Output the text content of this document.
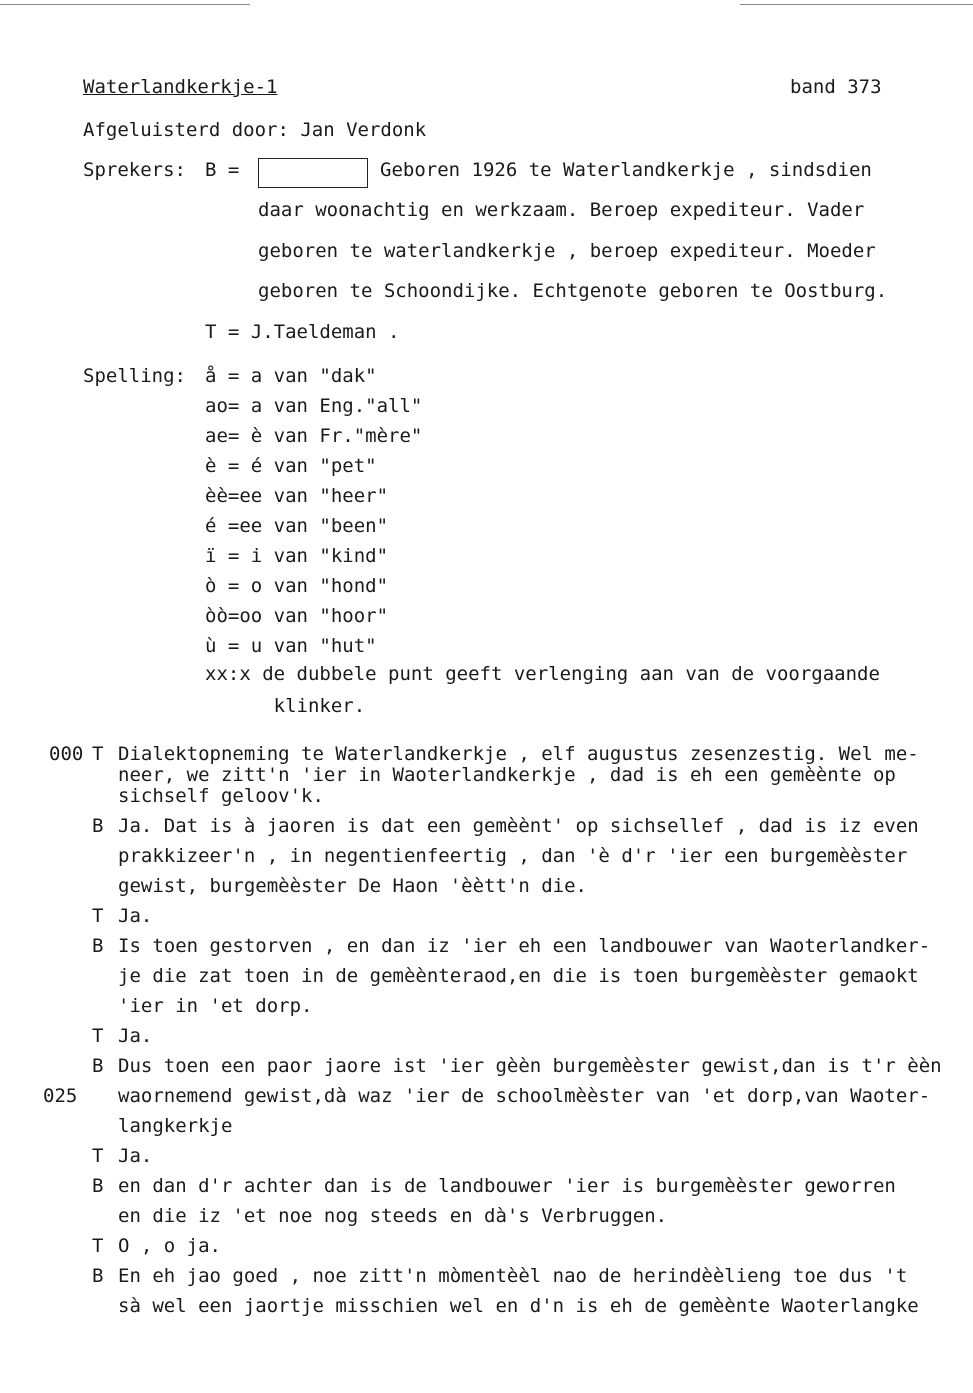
Waterlandkerkje-1	band 373
Afgeluisterd door: Jan Verdonk
Sprekers: B =	Geboren 1926 te Waterlandkerkje , sindsdien
daar woonachtig en werkzaam. Beroep expediteur. Vader
geboren te waterlandkerkje , beroep expediteur. Moeder
geboren te Schoondijke. Echtgenote geboren te Oostburg.
T = J.Taeldeman .
Spelling: å = a van "dak"
ao= a van Eng."all"
ae= è van Fr."mère"
è = é van "pet"
èè=ee van "heer"
é =ee van "been"
ï = i van "kind"
ò = o van "hond"
òò=oo van "hoor"
ù = u van "hut"
xx:x de dubbele punt geeft verlenging aan van de voorgaande
klinker.
000 T Dialektopneming te Waterlandkerkje , elf augustus zesenzestig. Wel me-
neer, we zitt'n 'ier in Waoterlandkerkje , dad is eh een gemèènte op
sichself geloov'k.
B Ja. Dat is à jaoren is dat een gemèènt' op sichsellef , dad is iz even
prakkizeer'n , in negentienfeertig , dan 'è d'r 'ier een burgemèèster
gewist, burgemèèster De Haon 'èètt'n die.
T Ja.
B Is toen gestorven , en dan iz 'ier eh een landbouwer van Waoterlandker-
je die zat toen in de gemèènteraod,en die is toen burgemèèster gemaokt
'ier in 'et dorp.
T Ja.
B Dus toen een paor jaore ist 'ier gèèn burgemèèster gewist,dan is t'r èèn
025 waornemend gewist,dà waz 'ier de schoolmèèster van 'et dorp,van Waoter-
langkerkje
T Ja.
B en dan d'r achter dan is de landbouwer 'ier is burgemèèster geworren
en die iz 'et noe nog steeds en dà's Verbruggen.
T O , o ja.
B En eh jao goed , noe zitt'n mòmentèèl nao de herindèèlieng toe dus 't
sà wel een jaortje misschien wel en d'n is eh de gemèènte Waoterlangke
